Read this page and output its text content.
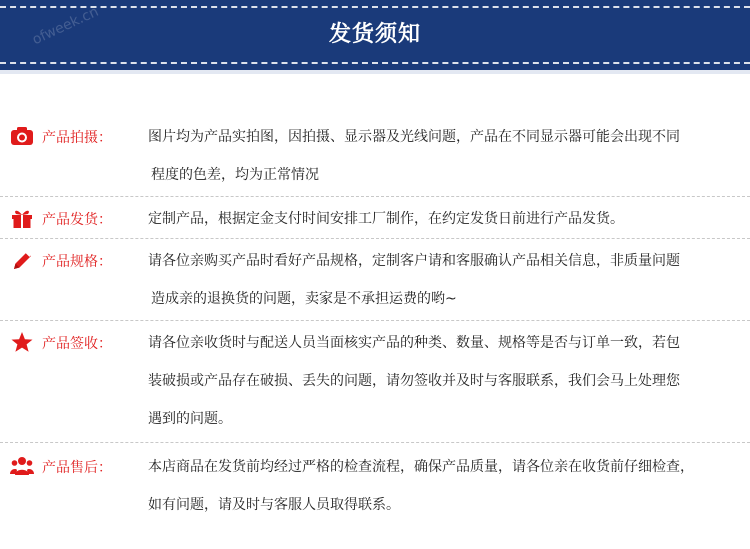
ofweek.cn	发货须知
产品拍摄：	图片均为产品实拍图，因拍摄、显示器及光线问题，产品在不同显示器可能会出现不同

程度的色差，均为正常情况

产品发货：	定制产品，根据定金支付时间安排工厂制作，在约定发货日前进行产品发货。

产品规格：	请各位亲购买产品时看好产品规格，定制客户请和客服确认产品相关信息，非质量问题

造成亲的退换货的问题，卖家是不承担运费的哟~

产品签收：	请各位亲收货时与配送人员当面核实产品的种类、数量、规格等是否与订单一致，若包

装破损或产品存在破损、丢失的问题，请勿签收并及时与客服联系，我们会马上处理您

遇到的问题。

产品售后：	本店商品在发货前均经过严格的检查流程，确保产品质量，请各位亲在收货前仔细检查，

如有问题，请及时与客服人员取得联系。
